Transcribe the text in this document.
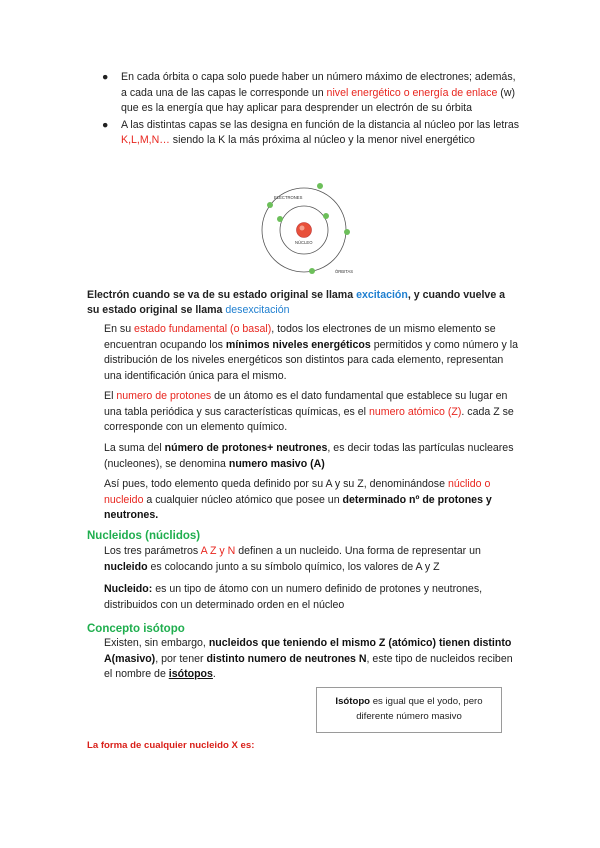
● En cada órbita o capa solo puede haber un número máximo de electrones; además, a cada una de las capas le corresponde un nivel energético o energía de enlace (w) que es la energía que hay aplicar para desprender un electrón de su órbita
● A las distintas capas se las designa en función de la distancia al núcleo por las letras K,L,M,N… siendo la K la más próxima al núcleo y la menor nivel energético
ELECTRONES
NÚCLEO
ÓRBITAS
Electrón cuando se va de su estado original se llama excitación, y cuando vuelve a su estado original se llama desexcitación
En su estado fundamental (o basal), todos los electrones de un mismo elemento se encuentran ocupando los mínimos niveles energéticos permitidos y como número y la distribución de los niveles energéticos son distintos para cada elemento, representan una identificación única para el mismo.
El numero de protones de un átomo es el dato fundamental que establece su lugar en una tabla periódica y sus características químicas, es el numero atómico (Z). cada Z se corresponde con un elemento químico.
La suma del número de protones+ neutrones, es decir todas las partículas nucleares (nucleones), se denomina numero masivo (A)
Así pues, todo elemento queda definido por su A y su Z, denominándose núclido o nucleido a cualquier núcleo atómico que posee un determinado nº de protones y neutrones.
Nucleidos (núclidos)
Los tres parámetros A Z y N definen a un nucleido. Una forma de representar un nucleido es colocando junto a su símbolo químico, los valores de A y Z
Nucleido: es un tipo de átomo con un numero definido de protones y neutrones, distribuidos con un determinado orden en el núcleo
Concepto isótopo
Existen, sin embargo, nucleidos que teniendo el mismo Z (atómico) tienen distinto A(masivo), por tener distinto numero de neutrones N, este tipo de nucleidos reciben el nombre de isótopos.
Isótopo es igual que el yodo, pero diferente número masivo
La forma de cualquier nucleido X es:
